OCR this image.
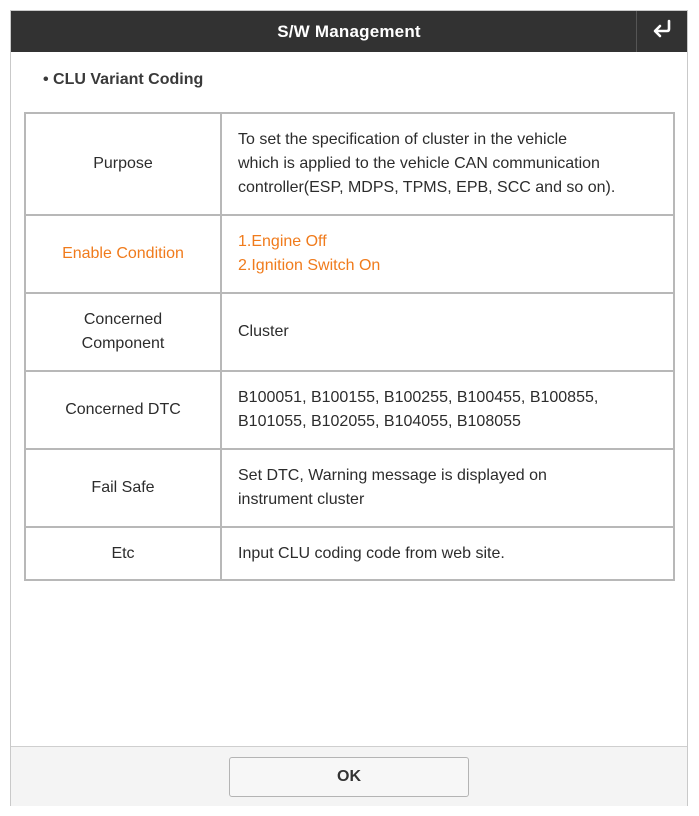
S/W Management
• CLU Variant Coding
Purpose	To set the specification of cluster in the vehicle
which is applied to the vehicle CAN communication
controller(ESP, MDPS, TPMS, EPB, SCC and so on).

Enable Condition	1.Engine Off
2.Ignition Switch On

Concerned
Component	Cluster

Concerned DTC	B100051, B100155, B100255, B100455, B100855,
B101055, B102055, B104055, B108055

Fail Safe	Set DTC, Warning message is displayed on
instrument cluster

Etc	Input CLU coding code from web site.
OK
